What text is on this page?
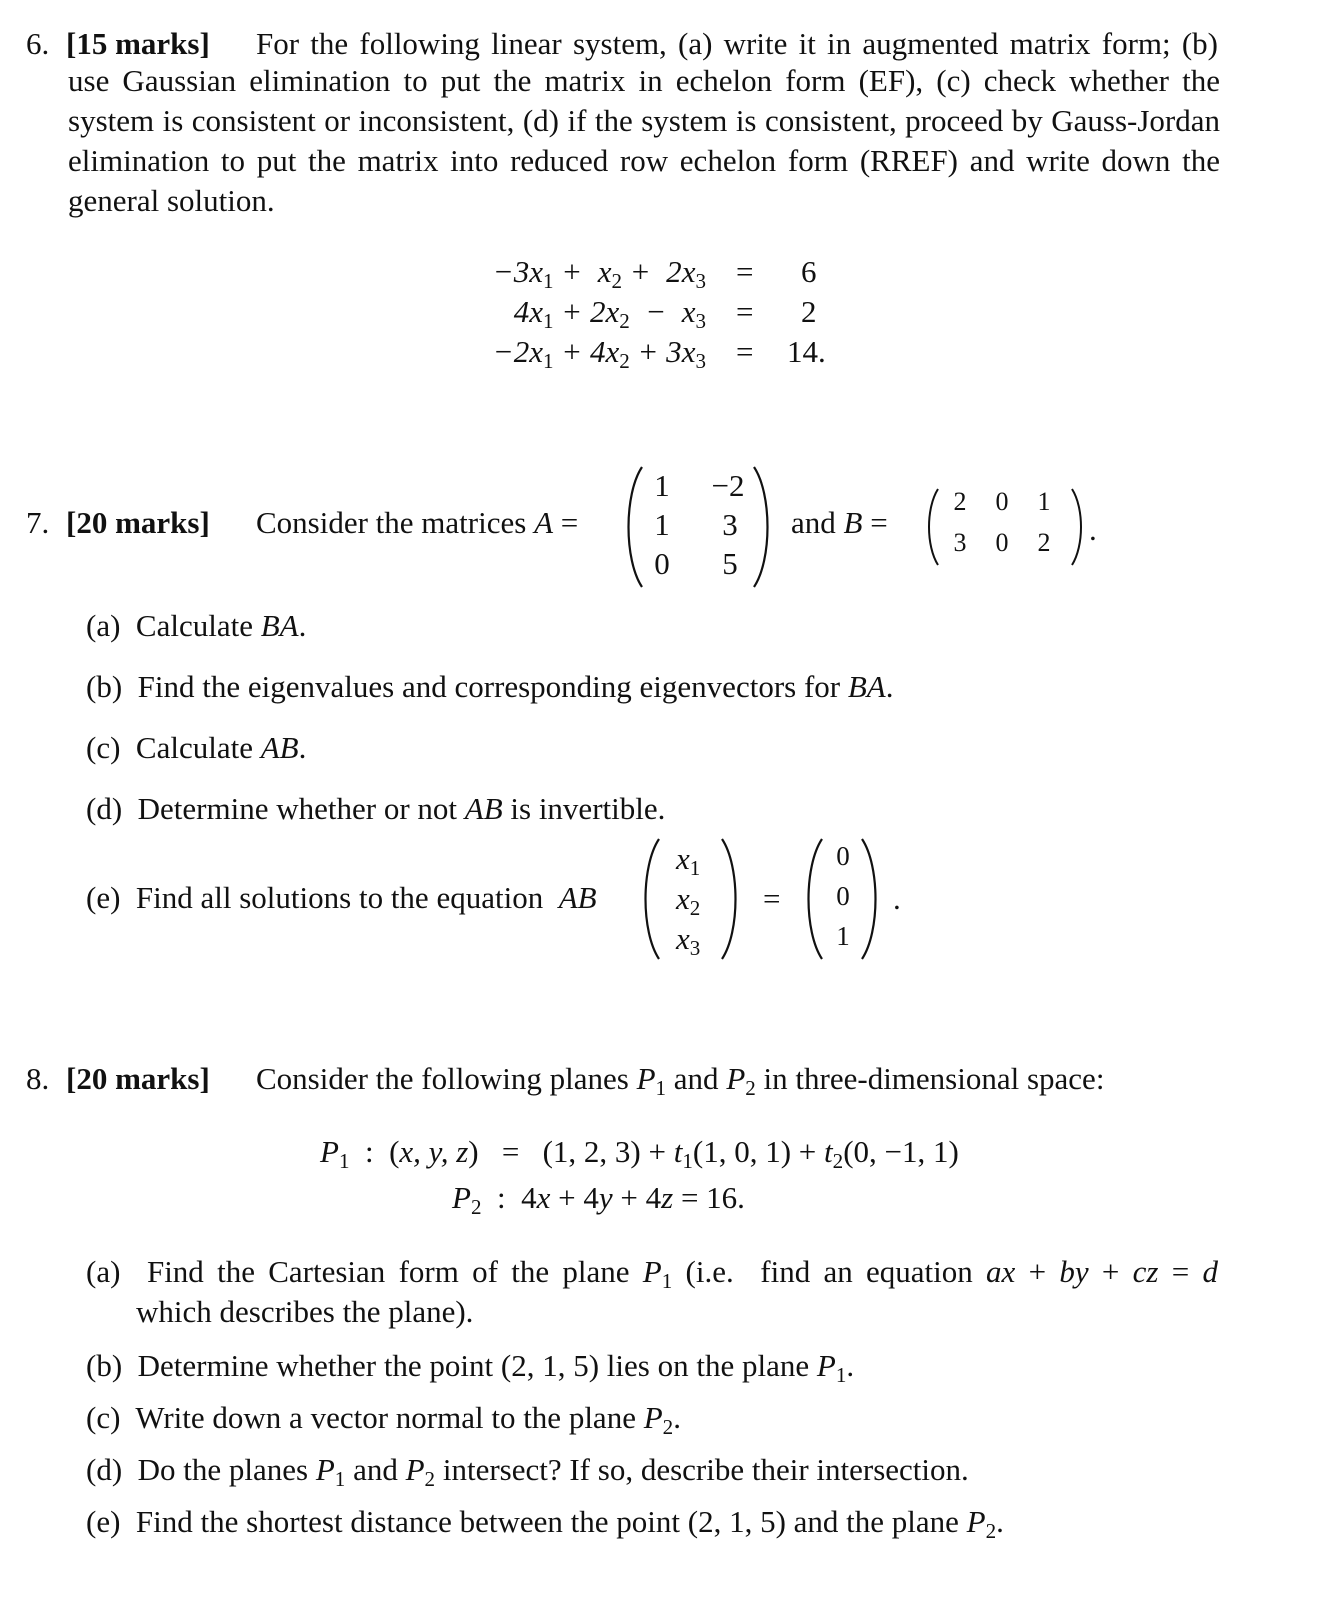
6. [15 marks] For the following linear system, (a) write it in augmented matrix form; (b)
use Gaussian elimination to put the matrix in echelon form (EF), (c) check whether the system is consistent or inconsistent, (d) if the system is consistent, proceed by Gauss-Jordan elimination to put the matrix into reduced row echelon form (RREF) and write down the general solution.
$-3x_1 + x_2 + 2x_3 = 6$
$4x_1 + 2x_2 - x_3 = 2$
$-2x_1 + 4x_2 + 3x_3 = 14$.
7. [20 marks] Consider the matrices A =
1	−2
1	3
0	5
and B =
2	0	1
3	0	2	.
(a)  Calculate BA.
(b)  Find the eigenvalues and corresponding eigenvectors for BA.
(c)  Calculate AB.
(d)  Determine whether or not AB is invertible.
(e)  Find all solutions to the equation  AB
$x_1$
$x_2$
$x_3$
=
0
0
1
.
8. [20 marks] Consider the following planes $P_1$ and $P_2$ in three-dimensional space:
$P_1$  :  (x, y, z)   =   (1, 2, $3) + t_1(1$, 0, $1) + t_2(0$, −1, 1)
$P_2$  :  4x + 4y + 4z = 16.
(a)  Find the Cartesian form of the plane $P_1$ (i.e.  find an equation ax + by + cz = d
which describes the plane).
(b)  Determine whether the point (2, 1, 5) lies on the plane $P_1$.
(c)  Write down a vector normal to the plane $P_2$.
(d)  Do the planes $P_1$ and $P_2$ intersect? If so, describe their intersection.
(e)  Find the shortest distance between the point (2, 1, 5) and the plane $P_2$.
